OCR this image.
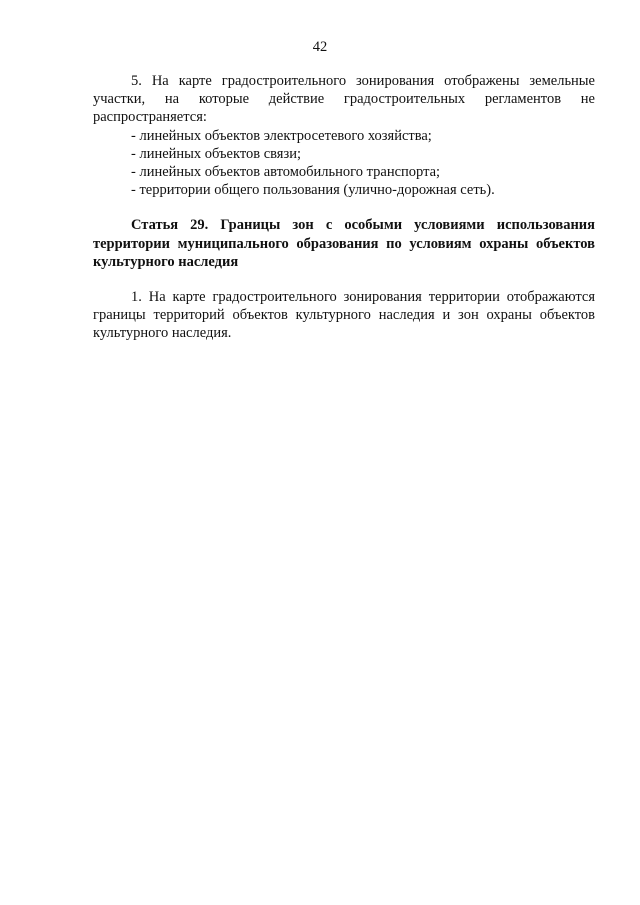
42
5. На карте градостроительного зонирования отображены земельные
участки, на которые действие градостроительных регламентов не
распространяется:
- линейных объектов электросетевого хозяйства;
- линейных объектов связи;
- линейных объектов автомобильного транспорта;
- территории общего пользования (улично-дорожная сеть).

Статья 29. Границы зон с особыми условиями использования территории муниципального образования по условиям охраны объектов культурного наследия

1. На карте градостроительного зонирования территории отображаются границы территорий объектов культурного наследия и зон охраны объектов культурного наследия.
